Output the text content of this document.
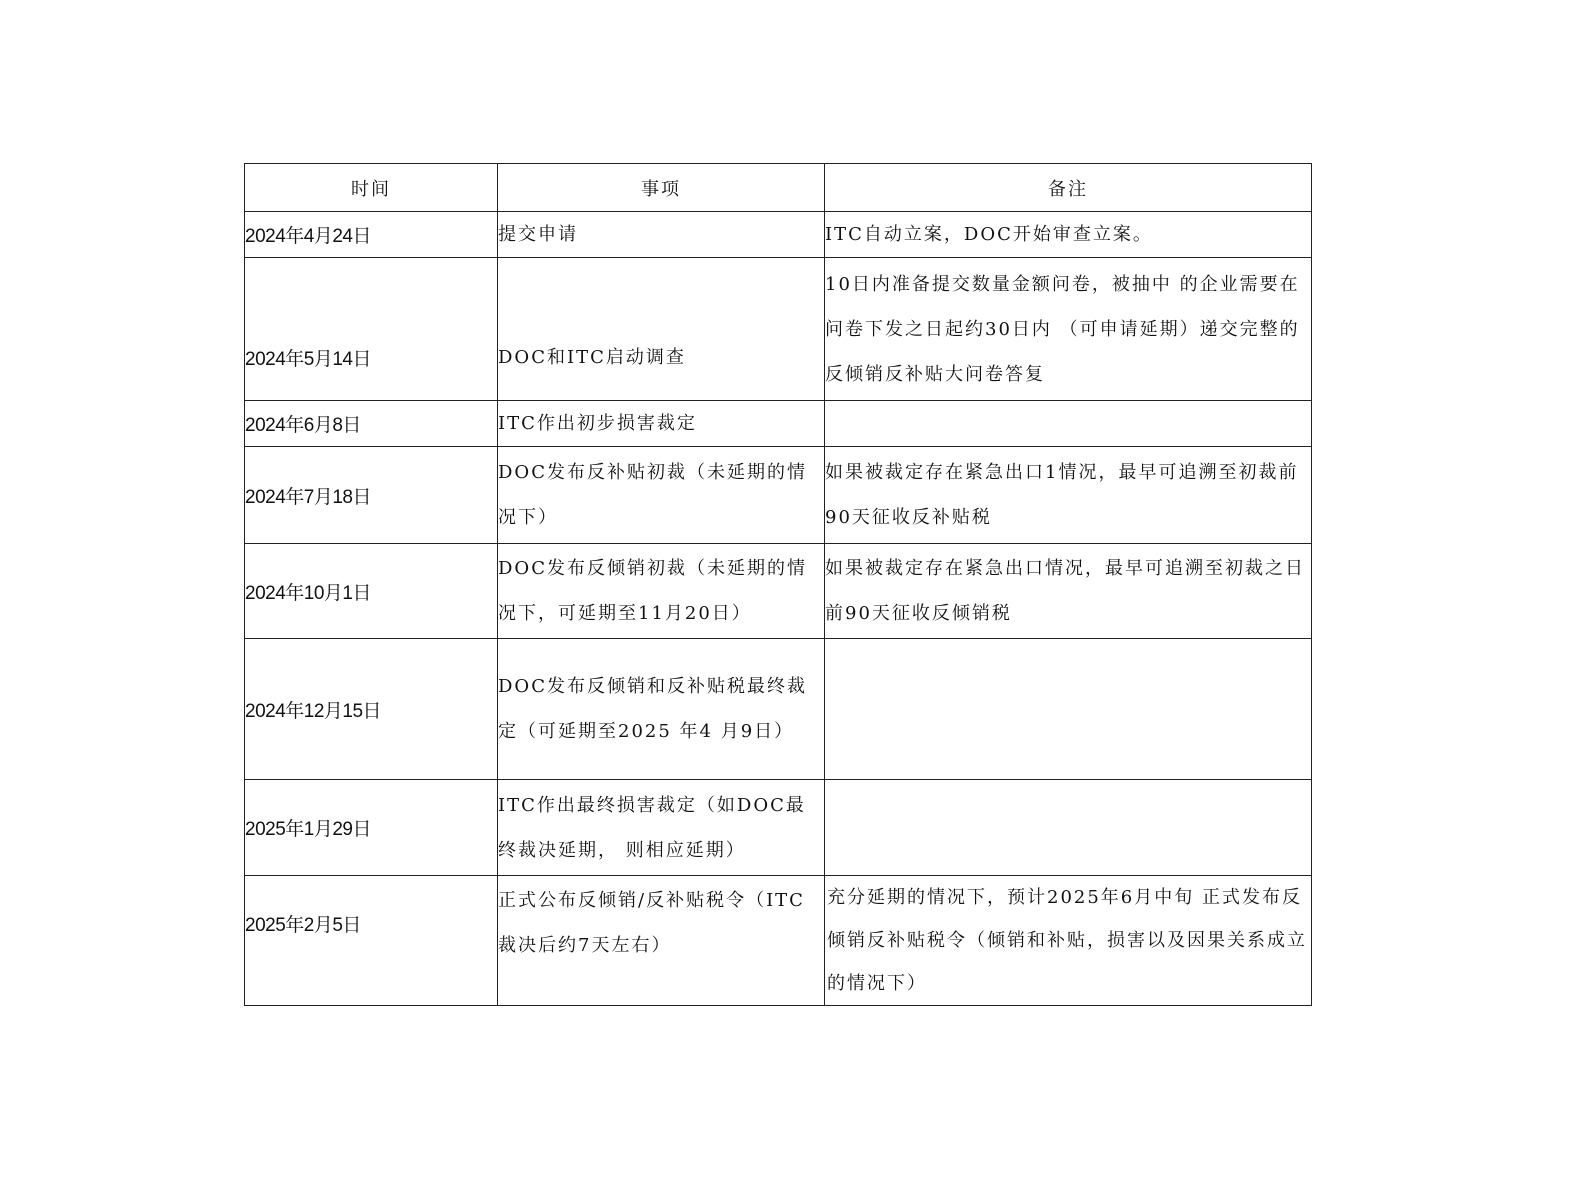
时间	事项	备注
2024年4月24日	提交申请	ITC自动立案，DOC开始审查立案。
2024年5月14日	DOC和ITC启动调查	10日内准备提交数量金额问卷，被抽中 的企业需要在问卷下发之日起约30日内 （可申请延期）递交完整的反倾销反补贴大问卷答复
2024年6月8日	ITC作出初步损害裁定	
2024年7月18日	DOC发布反补贴初裁（未延期的情况下）	如果被裁定存在紧急出口1情况，最早可追溯至初裁前90天征收反补贴税
2024年10月1日	DOC发布反倾销初裁（未延期的情况下，可延期至11月20日）	如果被裁定存在紧急出口情况，最早可追溯至初裁之日前90天征收反倾销税
2024年12月15日	DOC发布反倾销和反补贴税最终裁定（可延期至2025 年4 月9日）	
2025年1月29日	ITC作出最终损害裁定（如DOC最终裁决延期， 则相应延期）	
2025年2月5日	正式公布反倾销/反补贴税令（ITC裁决后约7天左右）	充分延期的情况下，预计2025年6月中旬 正式发布反倾销反补贴税令（倾销和补贴，损害以及因果关系成立的情况下）
